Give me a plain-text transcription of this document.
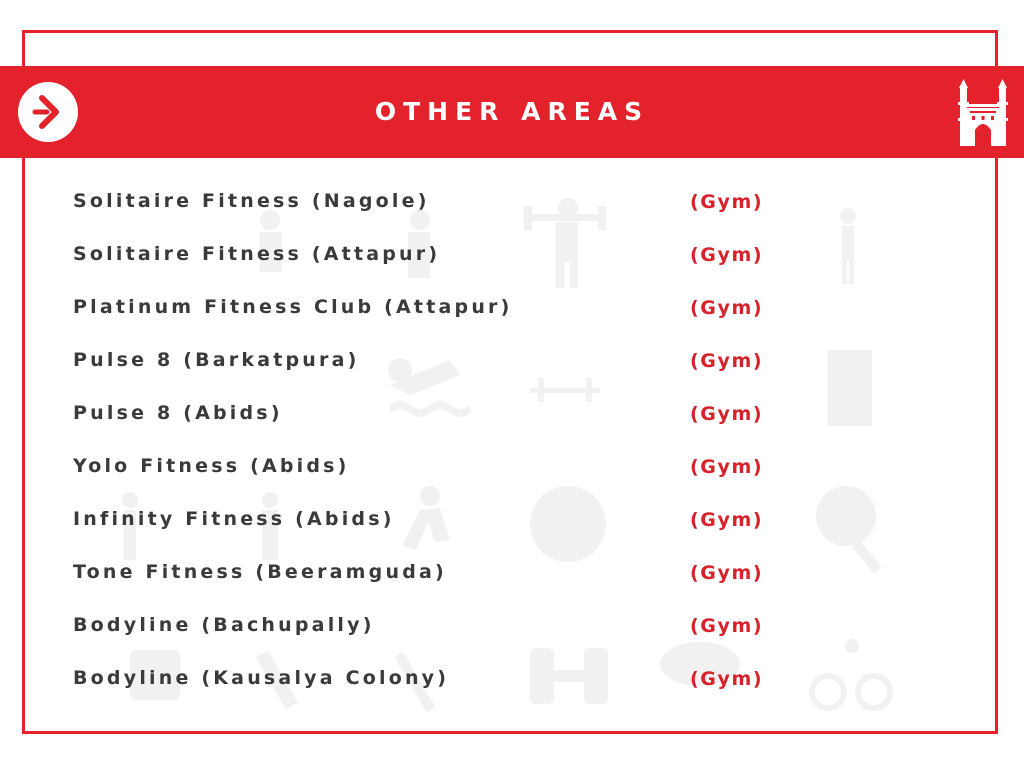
OTHER AREAS
Solitaire Fitness (Nagole)	(Gym)
Solitaire Fitness (Attapur)	(Gym)
Platinum Fitness Club (Attapur)	(Gym)
Pulse 8 (Barkatpura)	(Gym)
Pulse 8 (Abids)	(Gym)
Yolo Fitness (Abids)	(Gym)
Infinity Fitness (Abids)	(Gym)
Tone Fitness (Beeramguda)	(Gym)
Bodyline (Bachupally)	(Gym)
Bodyline (Kausalya Colony)	(Gym)
